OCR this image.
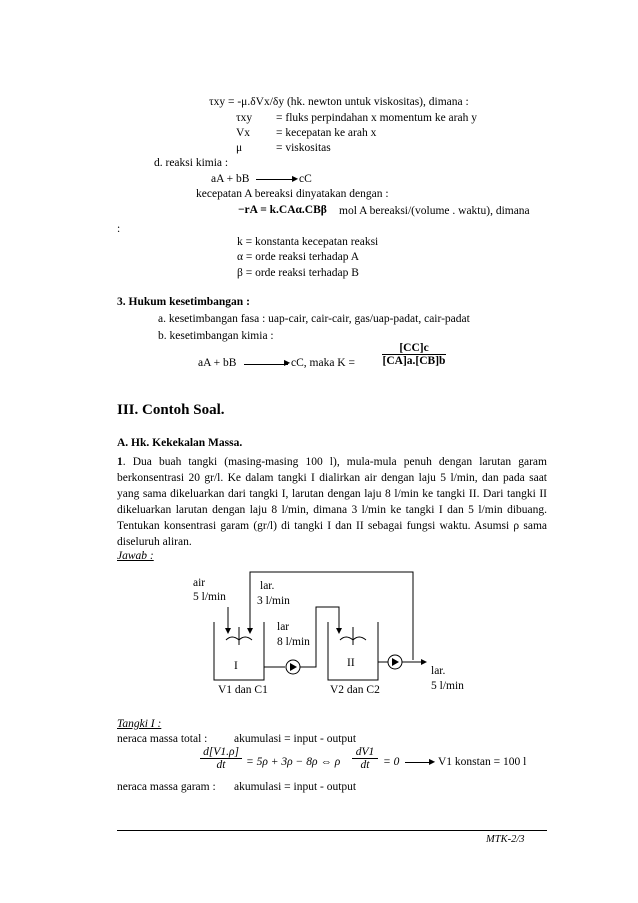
τxy = -μ.δVx/δy (hk. newton untuk viskositas), dimana :
τxy = fluks perpindahan x momentum ke arah y
Vx = kecepatan ke arah x
μ	= viskositas
d. reaksi kimia :
aA + bB	▶ cC
kecepatan A bereaksi dinyatakan dengan :
−rA = k.CAα.CBβ mol A bereaksi/(volume . waktu), dimana
:
k = konstanta kecepatan reaksi
α = orde reaksi terhadap A
β = orde reaksi terhadap B
3. Hukum kesetimbangan :
a. kesetimbangan fasa : uap-cair, cair-cair, gas/uap-padat, cair-padat
b. kesetimbangan kimia :
aA + bB	▶ cC, maka $K = \frac{[CC]c}{[CA]a.[CB]b}$
III. Contoh Soal.
A. Hk. Kekekalan Massa.
1. Dua buah tangki (masing-masing 100 l), mula-mula penuh dengan larutan garam berkonsentrasi 20 gr/l. Ke dalam tangki I dialirkan air dengan laju 5 l/min, dan pada saat yang sama dikeluarkan dari tangki I, larutan dengan laju 8 l/min ke tangki II. Dari tangki II dikeluarkan larutan dengan laju 8 l/min, dimana 3 l/min ke tangki I dan 5 l/min dibuang. Tentukan konsentrasi garam (gr/l) di tangki I dan II sebagai fungsi waktu. Asumsi ρ sama diseluruh aliran.
Jawab :
air
5 l/min
lar.
3 l/min
lar
8 l/min
I	II
lar.
5 l/min
V1 dan C1	V2 dan C2
Tangki I :
neraca massa total : akumulasi = input - output
$\frac{d[V1.\rho]}{dt} = 5\rho + 3\rho - 8\rho$ ⇔ ρ $\frac{dV1}{dt} = 0$	▶ V1 konstan = 100 l
neraca massa garam : akumulasi = input - output
MTK-2/3
